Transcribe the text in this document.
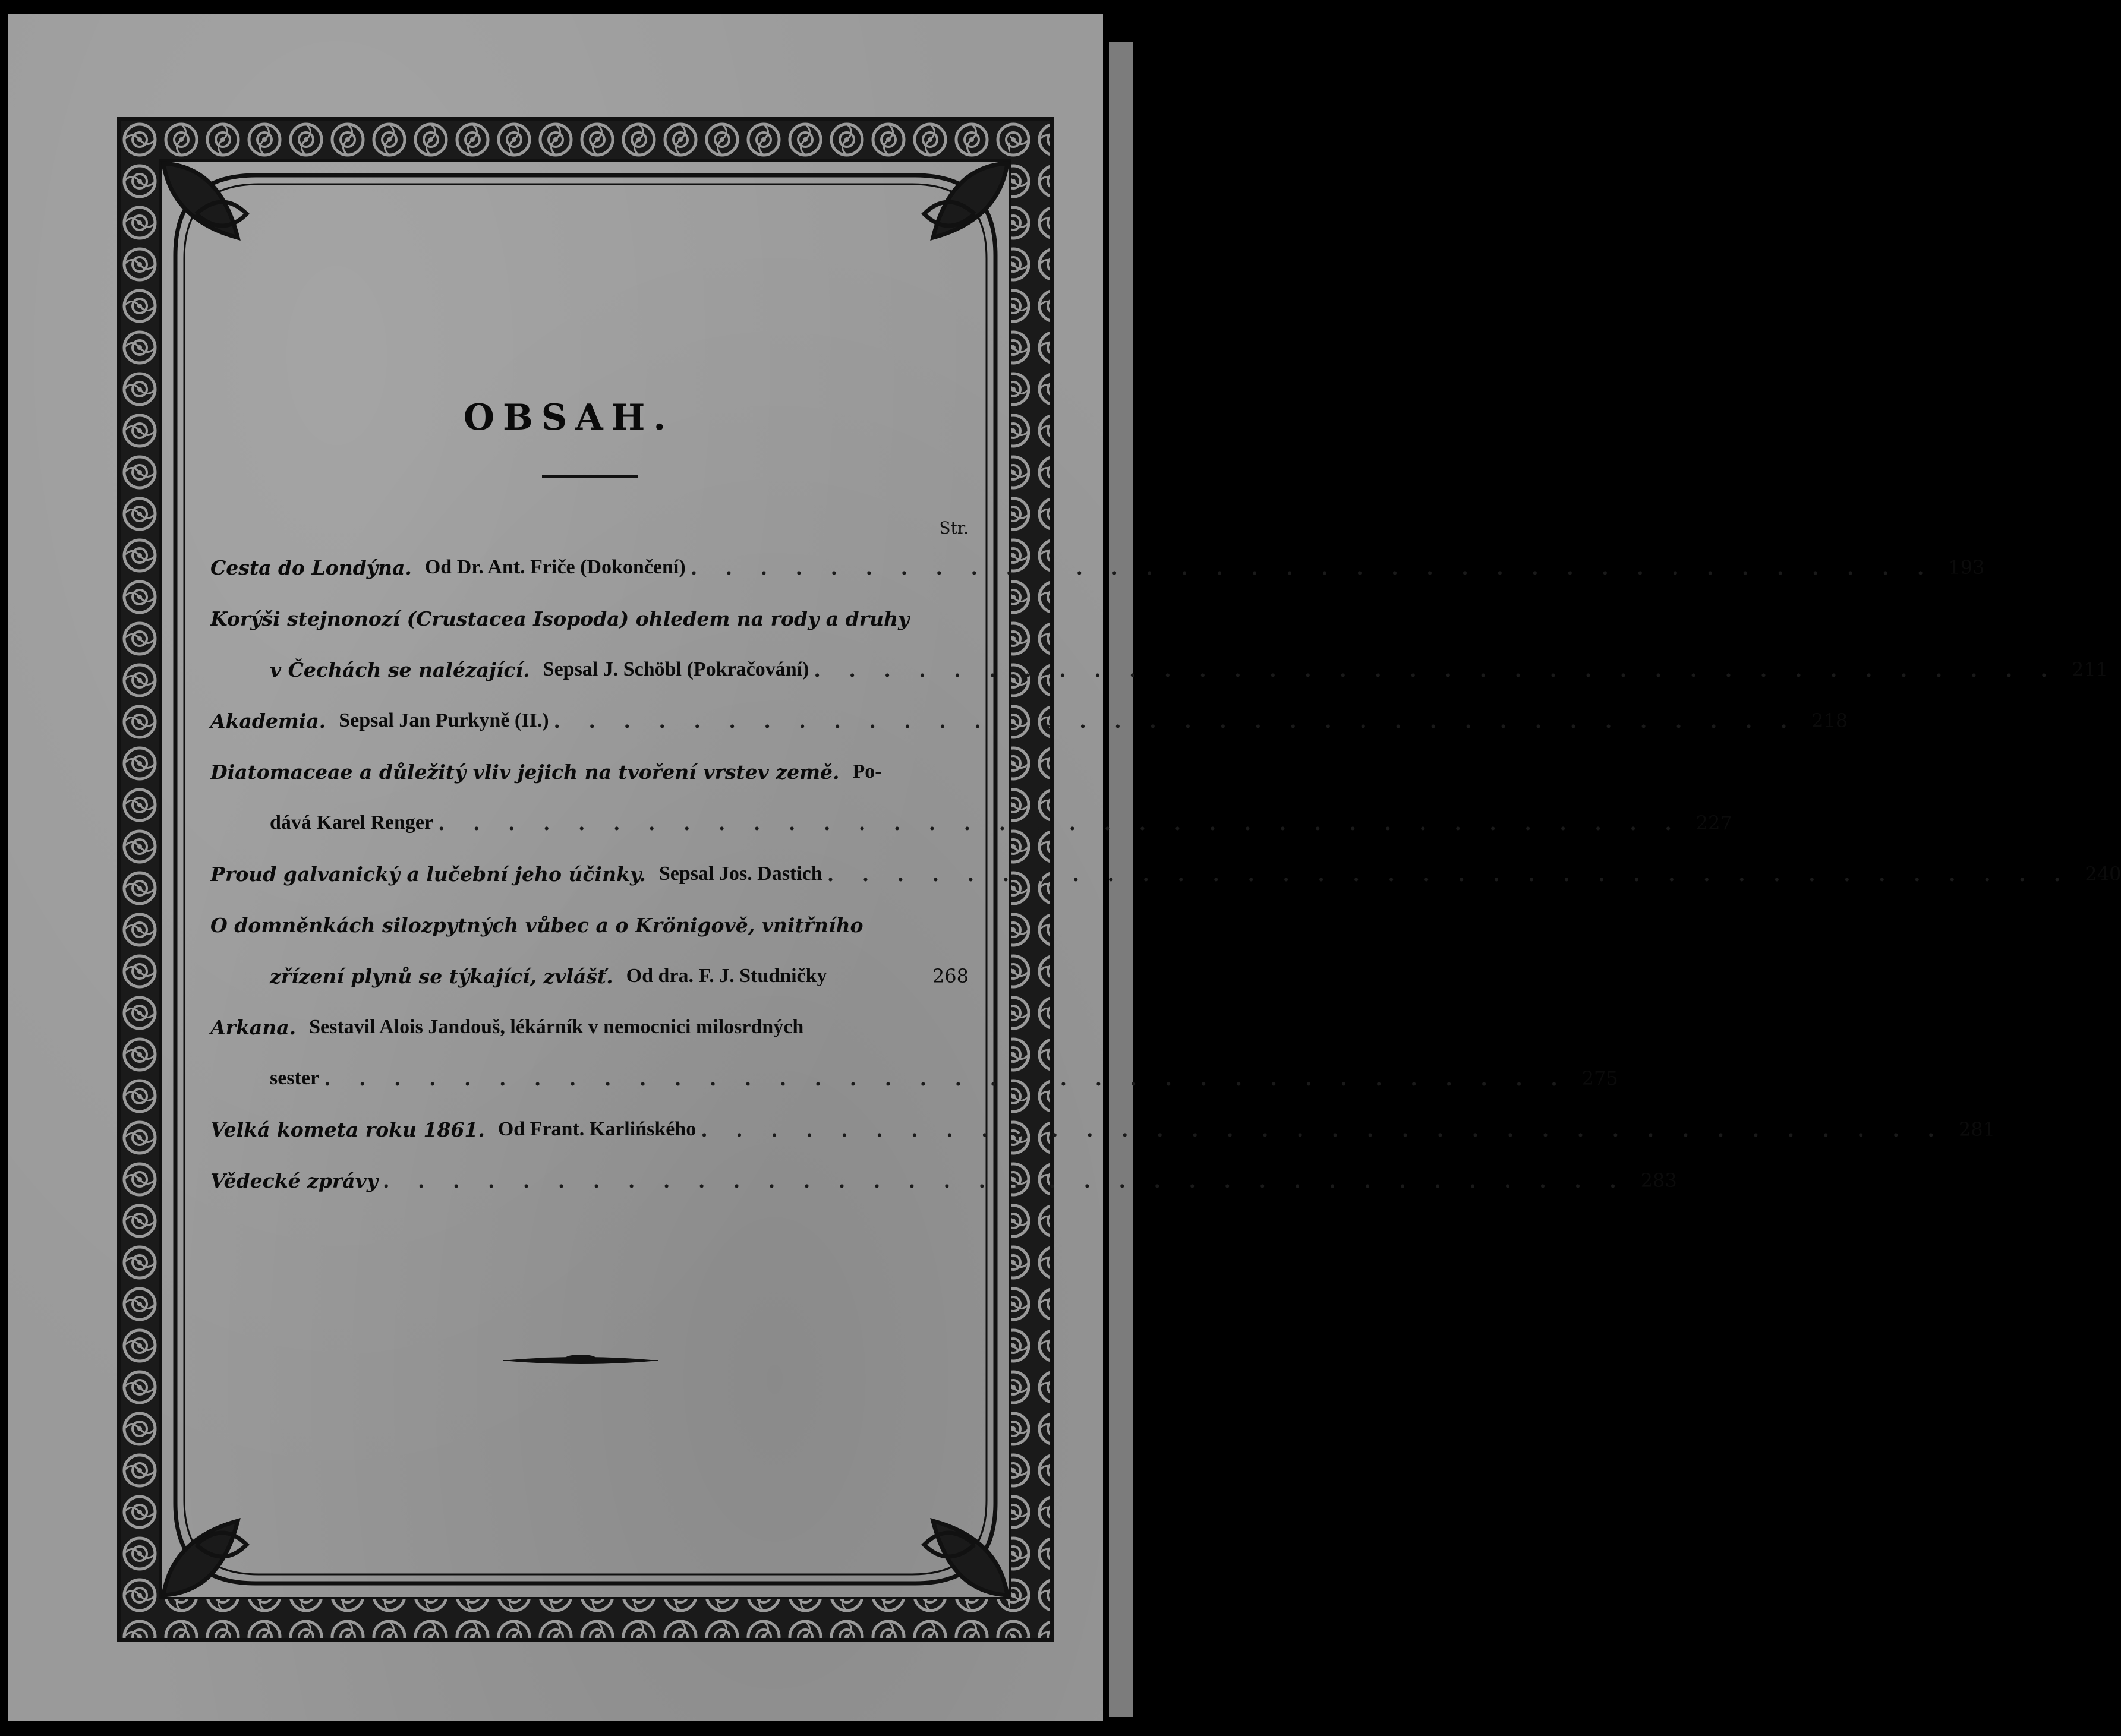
OBSAH.
Str.
Cesta do Londýna. Od Dr. Ant. Friče (Dokončení) . . . . . . . . . . . . . . . . . . . . . . . . . . . . . . . . . . . . 193
Korýši stejnonozí (Crustacea Isopoda) ohledem na rody a druhy
v Čechách se nalézající. Sepsal J. Schöbl (Pokračování) . . . . . . . . . . . . . . . . . . . . . . . . . . . . . . . . . . . . 211
Akademia. Sepsal Jan Purkyně (II.) . . . . . . . . . . . . . . . . . . . . . . . . . . . . . . . . . . . . 218
Diatomaceae a důležitý vliv jejich na tvoření vrstev země. Po-
dává Karel Renger . . . . . . . . . . . . . . . . . . . . . . . . . . . . . . . . . . . . 227
Proud galvanický a lučební jeho účinky. Sepsal Jos. Dastich . . . . . . . . . . . . . . . . . . . . . . . . . . . . . . . . . . . . 240
O domněnkách silozpytných vůbec a o Krönigově, vnitřního
zřízení plynů se týkající, zvlášť. Od dra. F. J. Studničky	268
Arkana. Sestavil Alois Jandouš, lékárník v nemocnici milosrdných
sester . . . . . . . . . . . . . . . . . . . . . . . . . . . . . . . . . . . . 275
Velká kometa roku 1861. Od Frant. Karlińského . . . . . . . . . . . . . . . . . . . . . . . . . . . . . . . . . . . . 281
Vědecké zprávy . . . . . . . . . . . . . . . . . . . . . . . . . . . . . . . . . . . . 283
